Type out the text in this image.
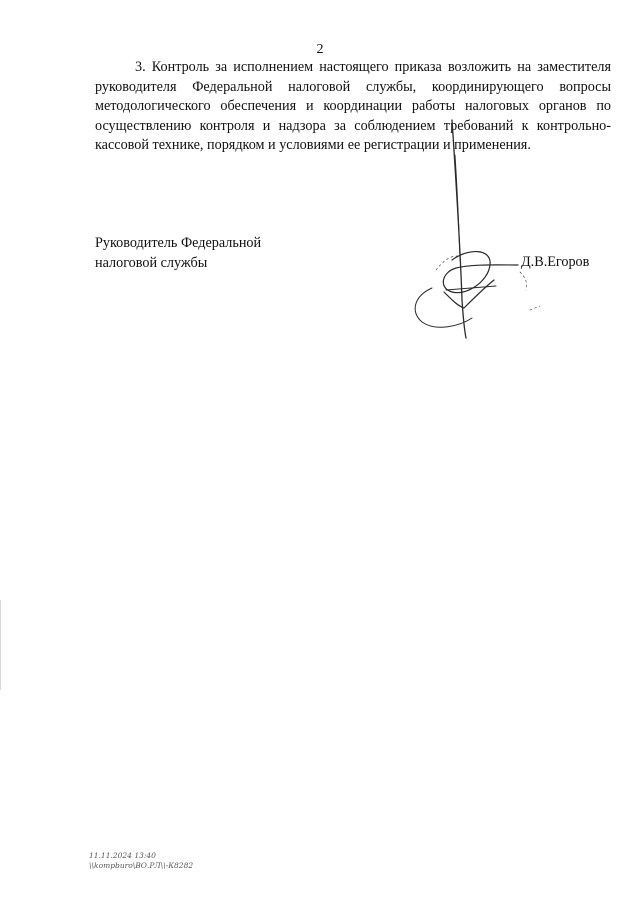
2

3. Контроль за исполнением настоящего приказа возложить на заместителя руководителя Федеральной налоговой службы, координирующего вопросы методологического обеспечения и координации работы налоговых органов по осуществлению контроля и надзора за соблюдением требований к контрольно-кассовой технике, порядком и условиями ее регистрации и применения.

Руководитель Федеральной
налоговой службы	Д.В.Егоров
11.11.2024 13:40
\\kompburo\ВО.РЛ\\-К8282
